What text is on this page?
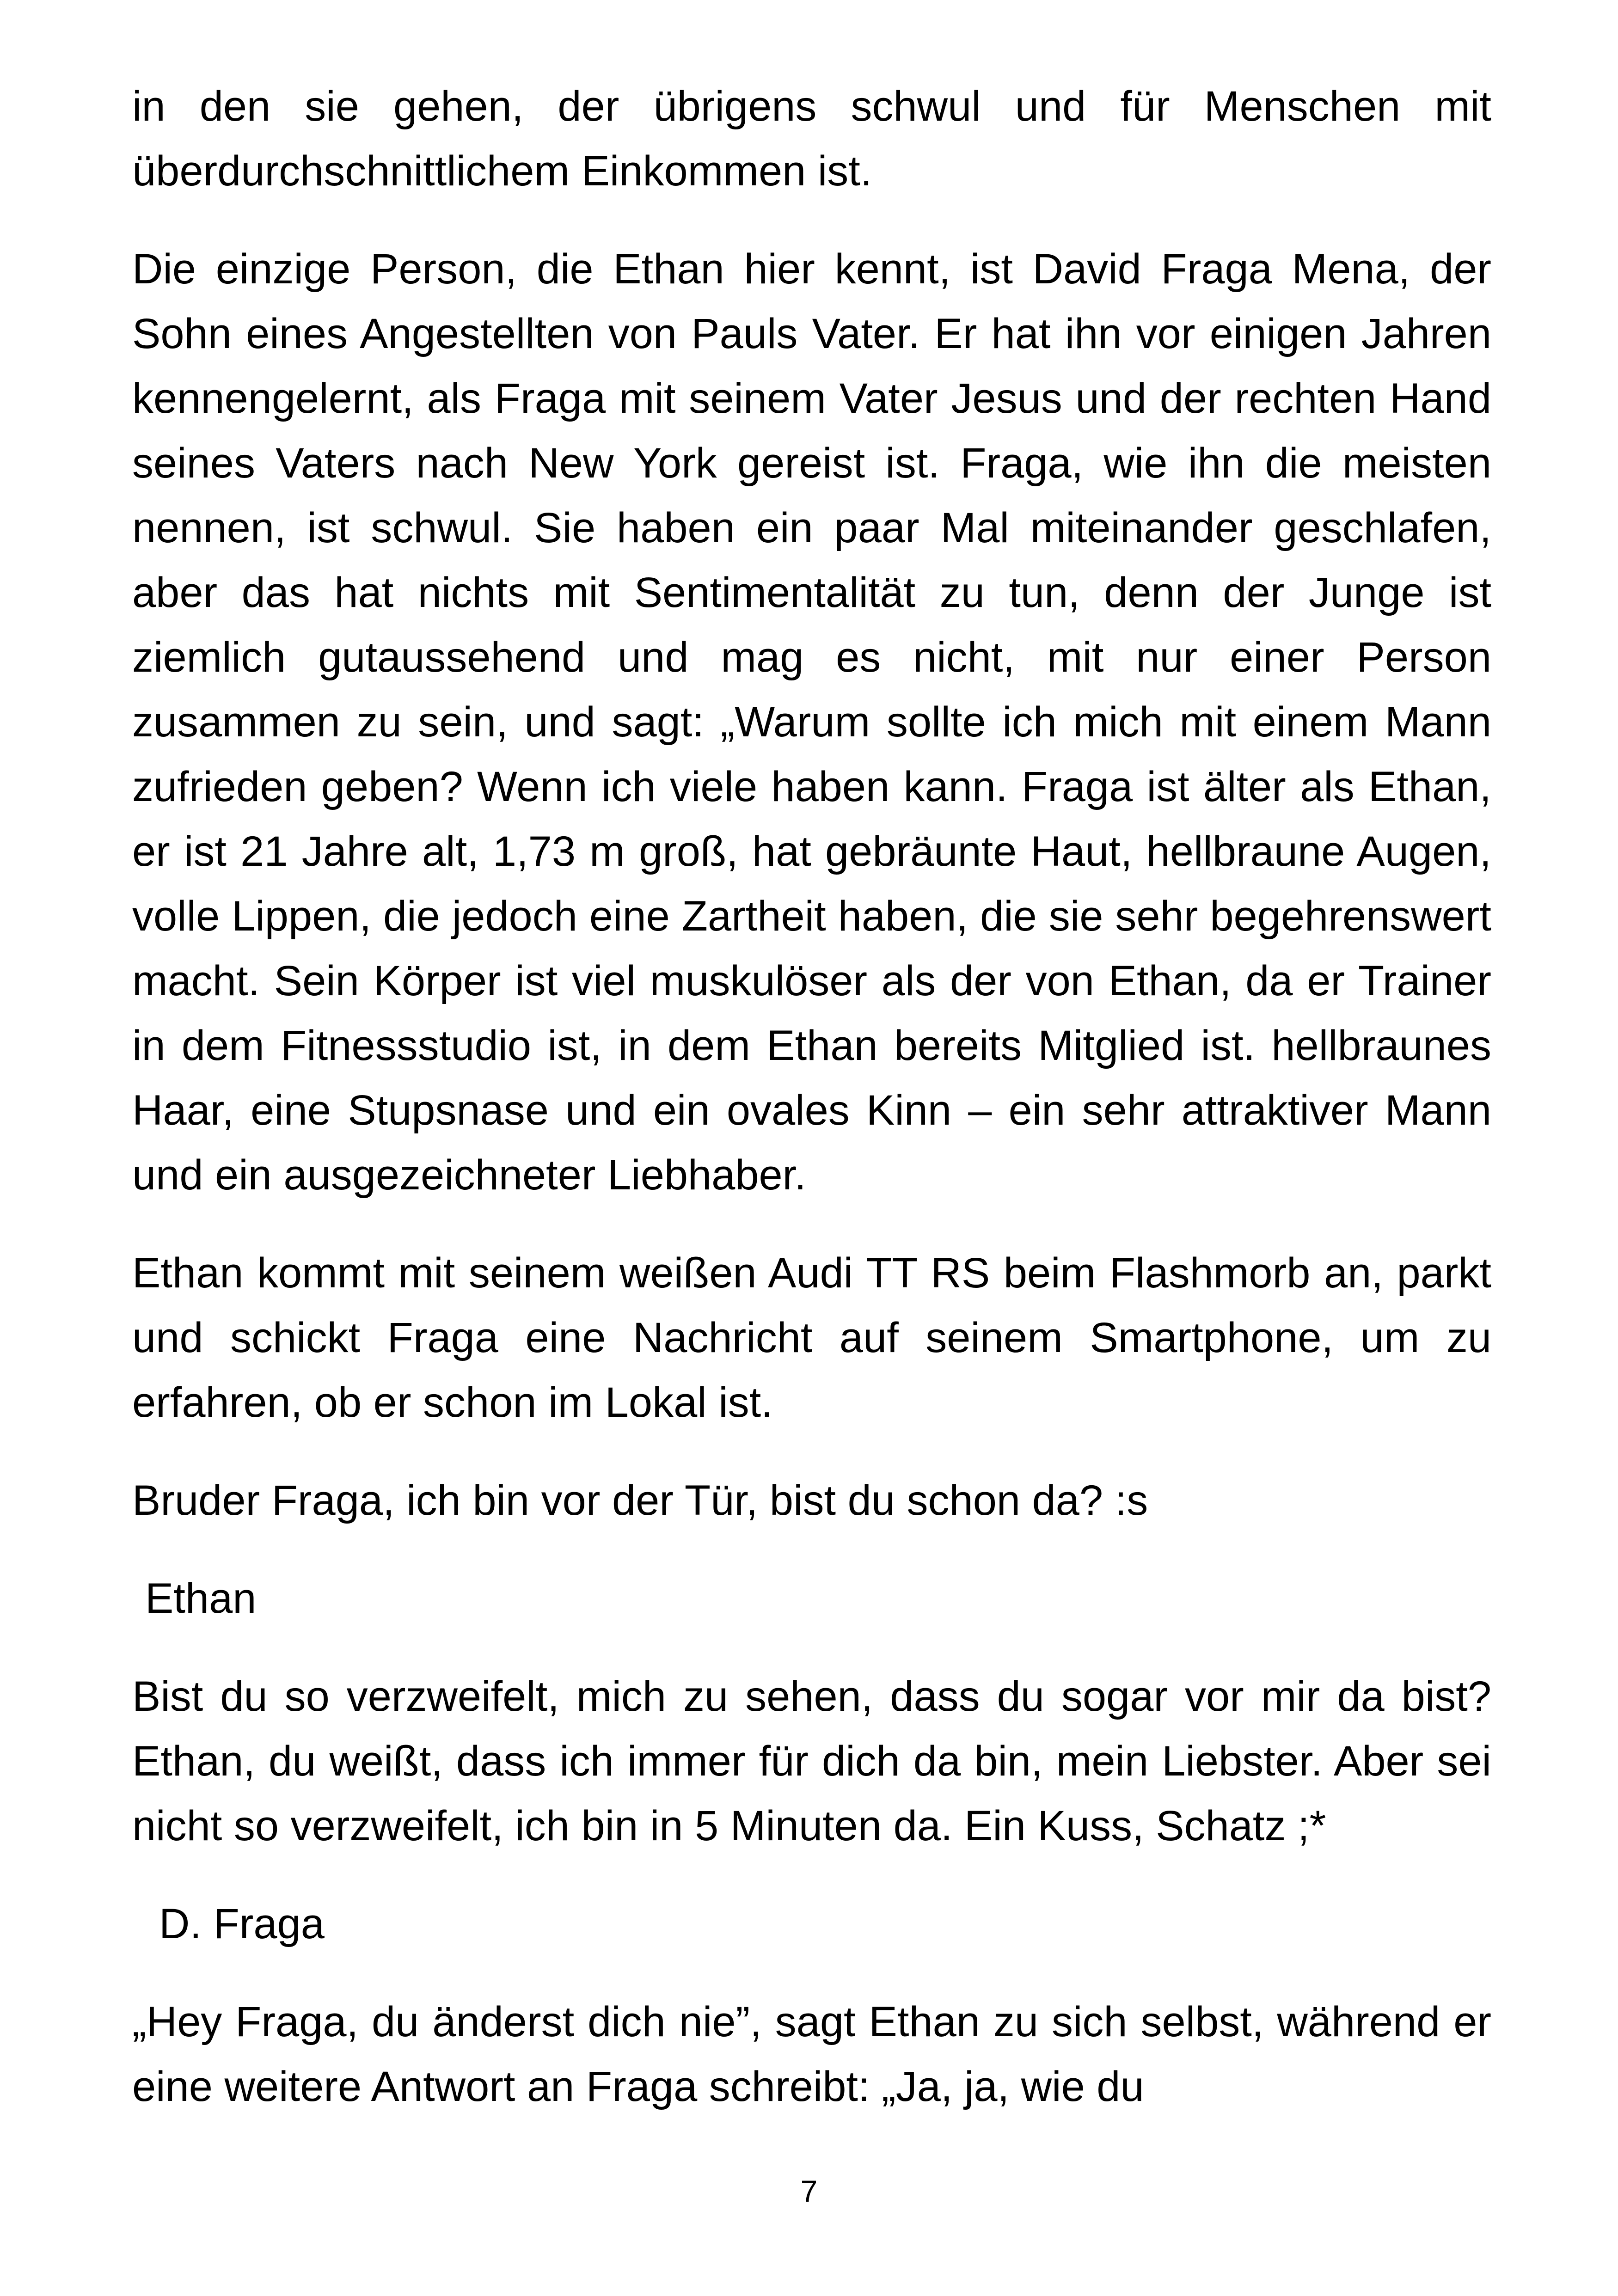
in den sie gehen, der übrigens schwul und für Menschen mit überdurchschnittlichem Einkommen ist.

Die einzige Person, die Ethan hier kennt, ist David Fraga Mena, der Sohn eines Angestellten von Pauls Vater. Er hat ihn vor einigen Jahren kennengelernt, als Fraga mit seinem Vater Jesus und der rechten Hand seines Vaters nach New York gereist ist. Fraga, wie ihn die meisten nennen, ist schwul. Sie haben ein paar Mal miteinander geschlafen, aber das hat nichts mit Sentimentalität zu tun, denn der Junge ist ziemlich gutaussehend und mag es nicht, mit nur einer Person zusammen zu sein, und sagt: „Warum sollte ich mich mit einem Mann zufrieden geben? Wenn ich viele haben kann. Fraga ist älter als Ethan, er ist 21 Jahre alt, 1,73 m groß, hat gebräunte Haut, hellbraune Augen, volle Lippen, die jedoch eine Zartheit haben, die sie sehr begehrenswert macht. Sein Körper ist viel muskulöser als der von Ethan, da er Trainer in dem Fitnessstudio ist, in dem Ethan bereits Mitglied ist. hellbraunes Haar, eine Stupsnase und ein ovales Kinn – ein sehr attraktiver Mann und ein ausgezeichneter Liebhaber.

Ethan kommt mit seinem weißen Audi TT RS beim Flashmorb an, parkt und schickt Fraga eine Nachricht auf seinem Smartphone, um zu erfahren, ob er schon im Lokal ist.

Bruder Fraga, ich bin vor der Tür, bist du schon da? :s

Ethan

Bist du so verzweifelt, mich zu sehen, dass du sogar vor mir da bist? Ethan, du weißt, dass ich immer für dich da bin, mein Liebster. Aber sei nicht so verzweifelt, ich bin in 5 Minuten da. Ein Kuss, Schatz ;*

D. Fraga

„Hey Fraga, du änderst dich nie”, sagt Ethan zu sich selbst, während er eine weitere Antwort an Fraga schreibt: „Ja, ja, wie du

7
